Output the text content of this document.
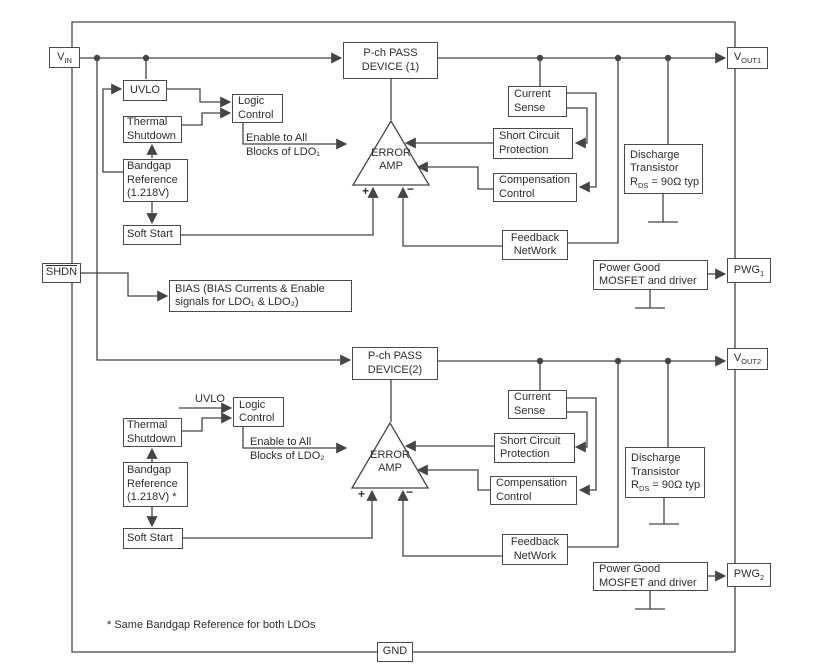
$V_{IN}$	$V_{OUT1}$
SHDN	$PWG_1$
$V_{OUT2}$
$PWG_2$
GND
P-ch PASS
DEVICE (1)
UVLO
Logic
Control
Thermal
Shutdown
Bandgap
Reference
(1.218V)
Soft Start
Enable to All
Blocks of LDO₁	ERROR
AMP
+	−
Current
Sense
Short Circuit
Protection
Compensation
Control
Discharge
Transistor
$R_{DS} = 90\Omega$ typ
Feedback
NetWork
Power Good
MOSFET and driver
BIAS (BIAS Currents & Enable
signals for LDO₁ & LDO₂)
P-ch PASS
DEVICE(2)
UVLO	Logic
Control
Thermal
Shutdown
Bandgap
Reference
(1.218V) *
Soft Start
Enable to All
Blocks of LDO₂	ERROR
AMP
+	−
Current
Sense
Short Circuit
Protection
Compensation
Control
Discharge
Transistor
$R_{DS} = 90\Omega$ typ
Feedback
NetWork
Power Good
MOSFET and driver
* Same Bandgap Reference for both LDOs
